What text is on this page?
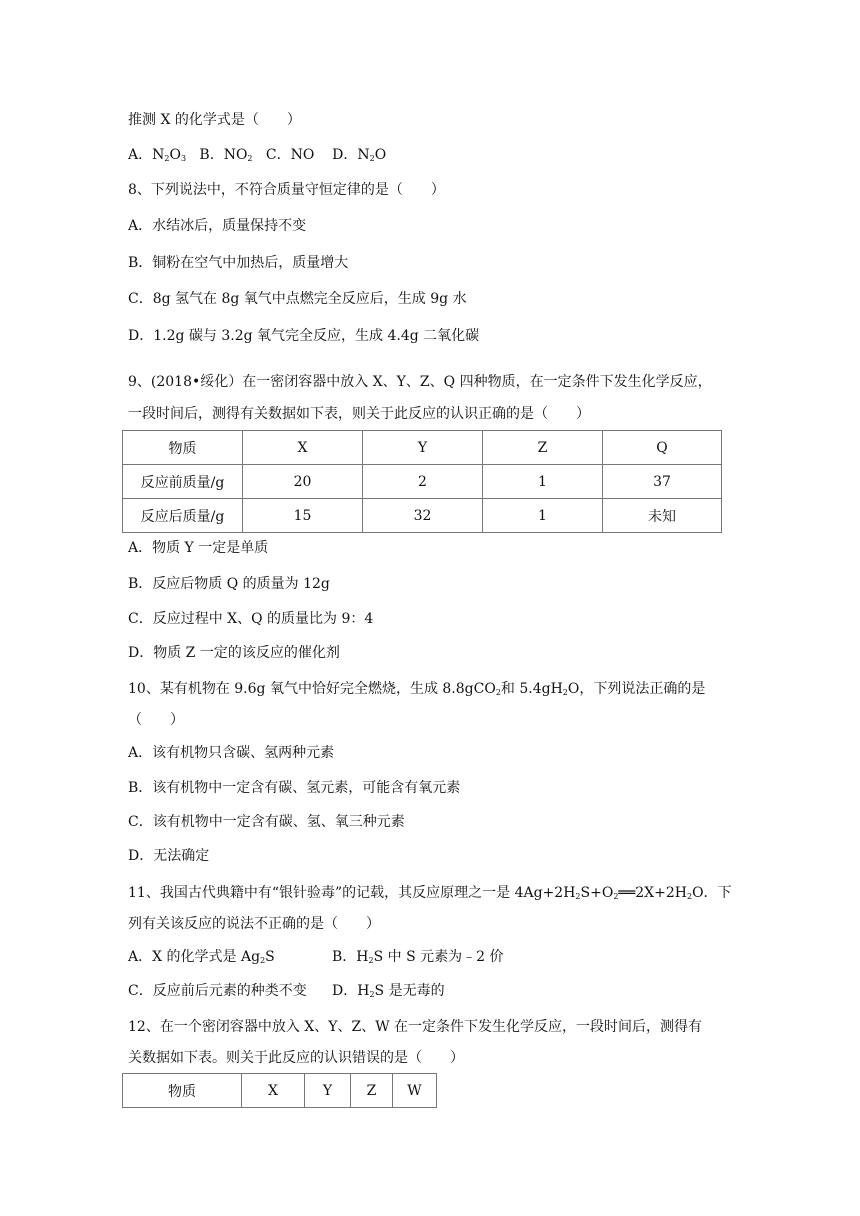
推测 X 的化学式是（　　）
A．$N_2O_3$ B．$NO_2$ C．NO D．$N_2O$
8、下列说法中，不符合质量守恒定律的是（　　）
A．水结冰后，质量保持不变
B．铜粉在空气中加热后，质量增大
C．8g 氢气在 8g 氧气中点燃完全反应后，生成 9g 水
D．1.2g 碳与 3.2g 氧气完全反应，生成 4.4g 二氧化碳
9、(2018•绥化）在一密闭容器中放入 X、Y、Z、Q 四种物质，在一定条件下发生化学反应，
一段时间后，测得有关数据如下表，则关于此反应的认识正确的是（　　）
物质	X	Y	Z	Q
反应前质量/g	20	2	1	37
反应后质量/g	15	32	1	未知
A．物质 Y 一定是单质
B．反应后物质 Q 的质量为 12g
C．反应过程中 X、Q 的质量比为 9：4
D．物质 Z 一定的该反应的催化剂
10、某有机物在 9.6g 氧气中恰好完全燃烧，生成 8.8gCO$_2$和 $5.4gH_2O$，下列说法正确的是
（　　）
A．该有机物只含碳、氢两种元素
B．该有机物中一定含有碳、氢元素，可能含有氧元素
C．该有机物中一定含有碳、氢、氧三种元素
D．无法确定
11、我国古代典籍中有“银针验毒”的记载，其反应原理之一是 $4Ag+2H_2S+O_2══2X+2H_2O$．下
列有关该反应的说法不正确的是（　　）
A．X 的化学式是 $Ag_2S$	B．$H_2S$ 中 S 元素为﹣2 价
C．反应前后元素的种类不变 D．$H_2S$ 是无毒的
12、在一个密闭容器中放入 X、Y、Z、W 在一定条件下发生化学反应，一段时间后，测得有
关数据如下表。则关于此反应的认识错误的是（　　）
物质	X	Y	Z	W
